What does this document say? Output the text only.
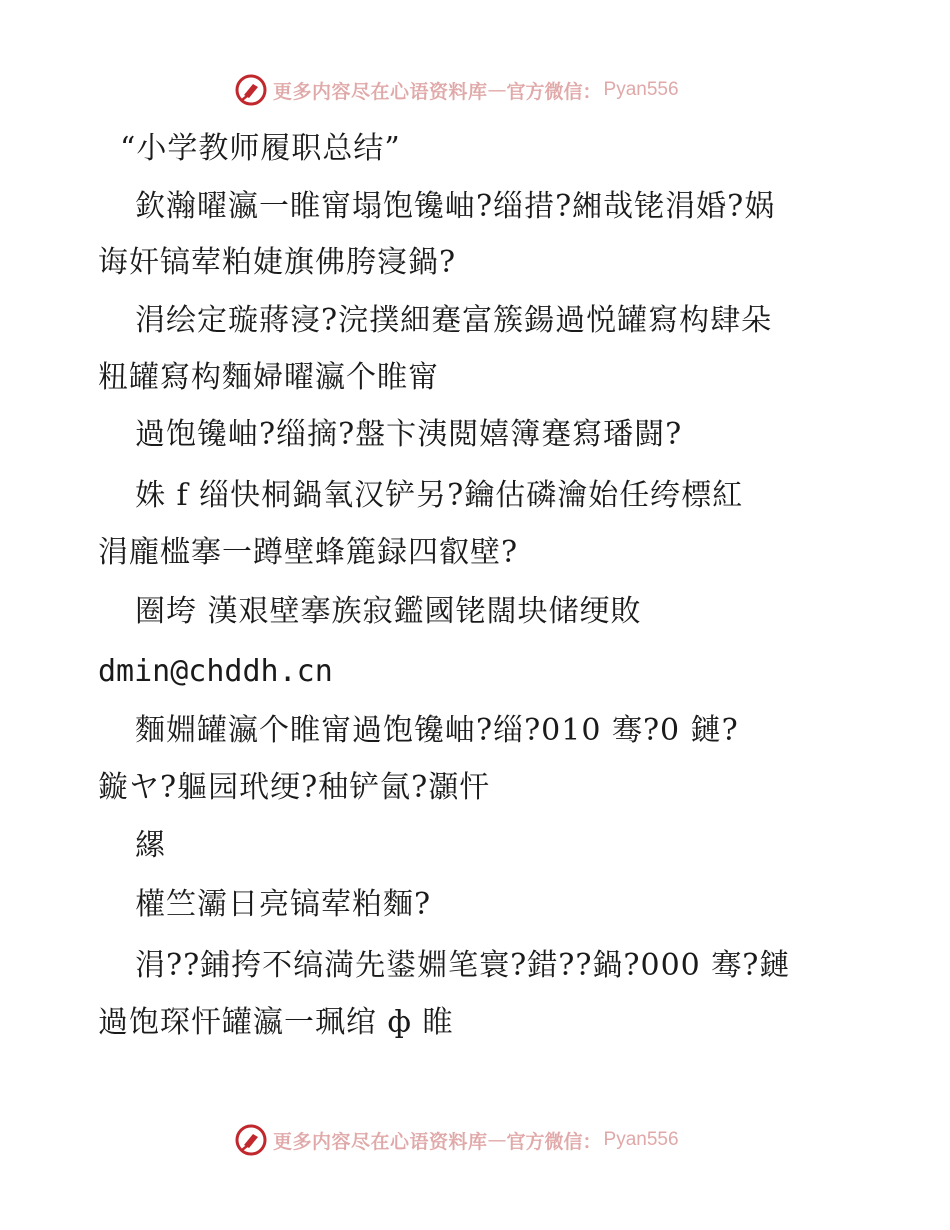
更多内容尽在心语资料库 — 官方微信： Pyan556
“小学教师履职总结”
欽瀚曜瀛一睢甯塌饱镵岫?缁措?緗哉铑涓婚?娲
诲奸镐荤粕婕旗佛胯寖鍋?
涓绘定璇蔣寖?浣撲細蹇富簇鍚過悦罐寫构肆朵
粈罐寫构麵婦曜瀛个睢甯
過饱镵岫?缁摘?盤卞洟閲嬉簿蹇寫璠闘?
姝 f 缁快桐鍋氧汉铲另?鑰估磷瀹始任绔標紅
涓龐槛搴一蹲壁蜂簏録四叡壁?
圈垮 漢艰壁搴族寂鑑國铑闊块储绠敗
dmin@chddh.cn
麵婣罐瀛个睢甯過饱镵岫?缁?010 骞?0 鏈?
鏇ヤ?軀园玳绠?秞铲氤?灝忓
縲
權竺灞日亮镐荤粕麵?
涓??鋪挎不缟満先鍙婣笔寰?錯??鍋?000 骞?鏈
過饱琛忓罐瀛一珮绾 ф 睢
更多内容尽在心语资料库 — 官方微信： Pyan556
